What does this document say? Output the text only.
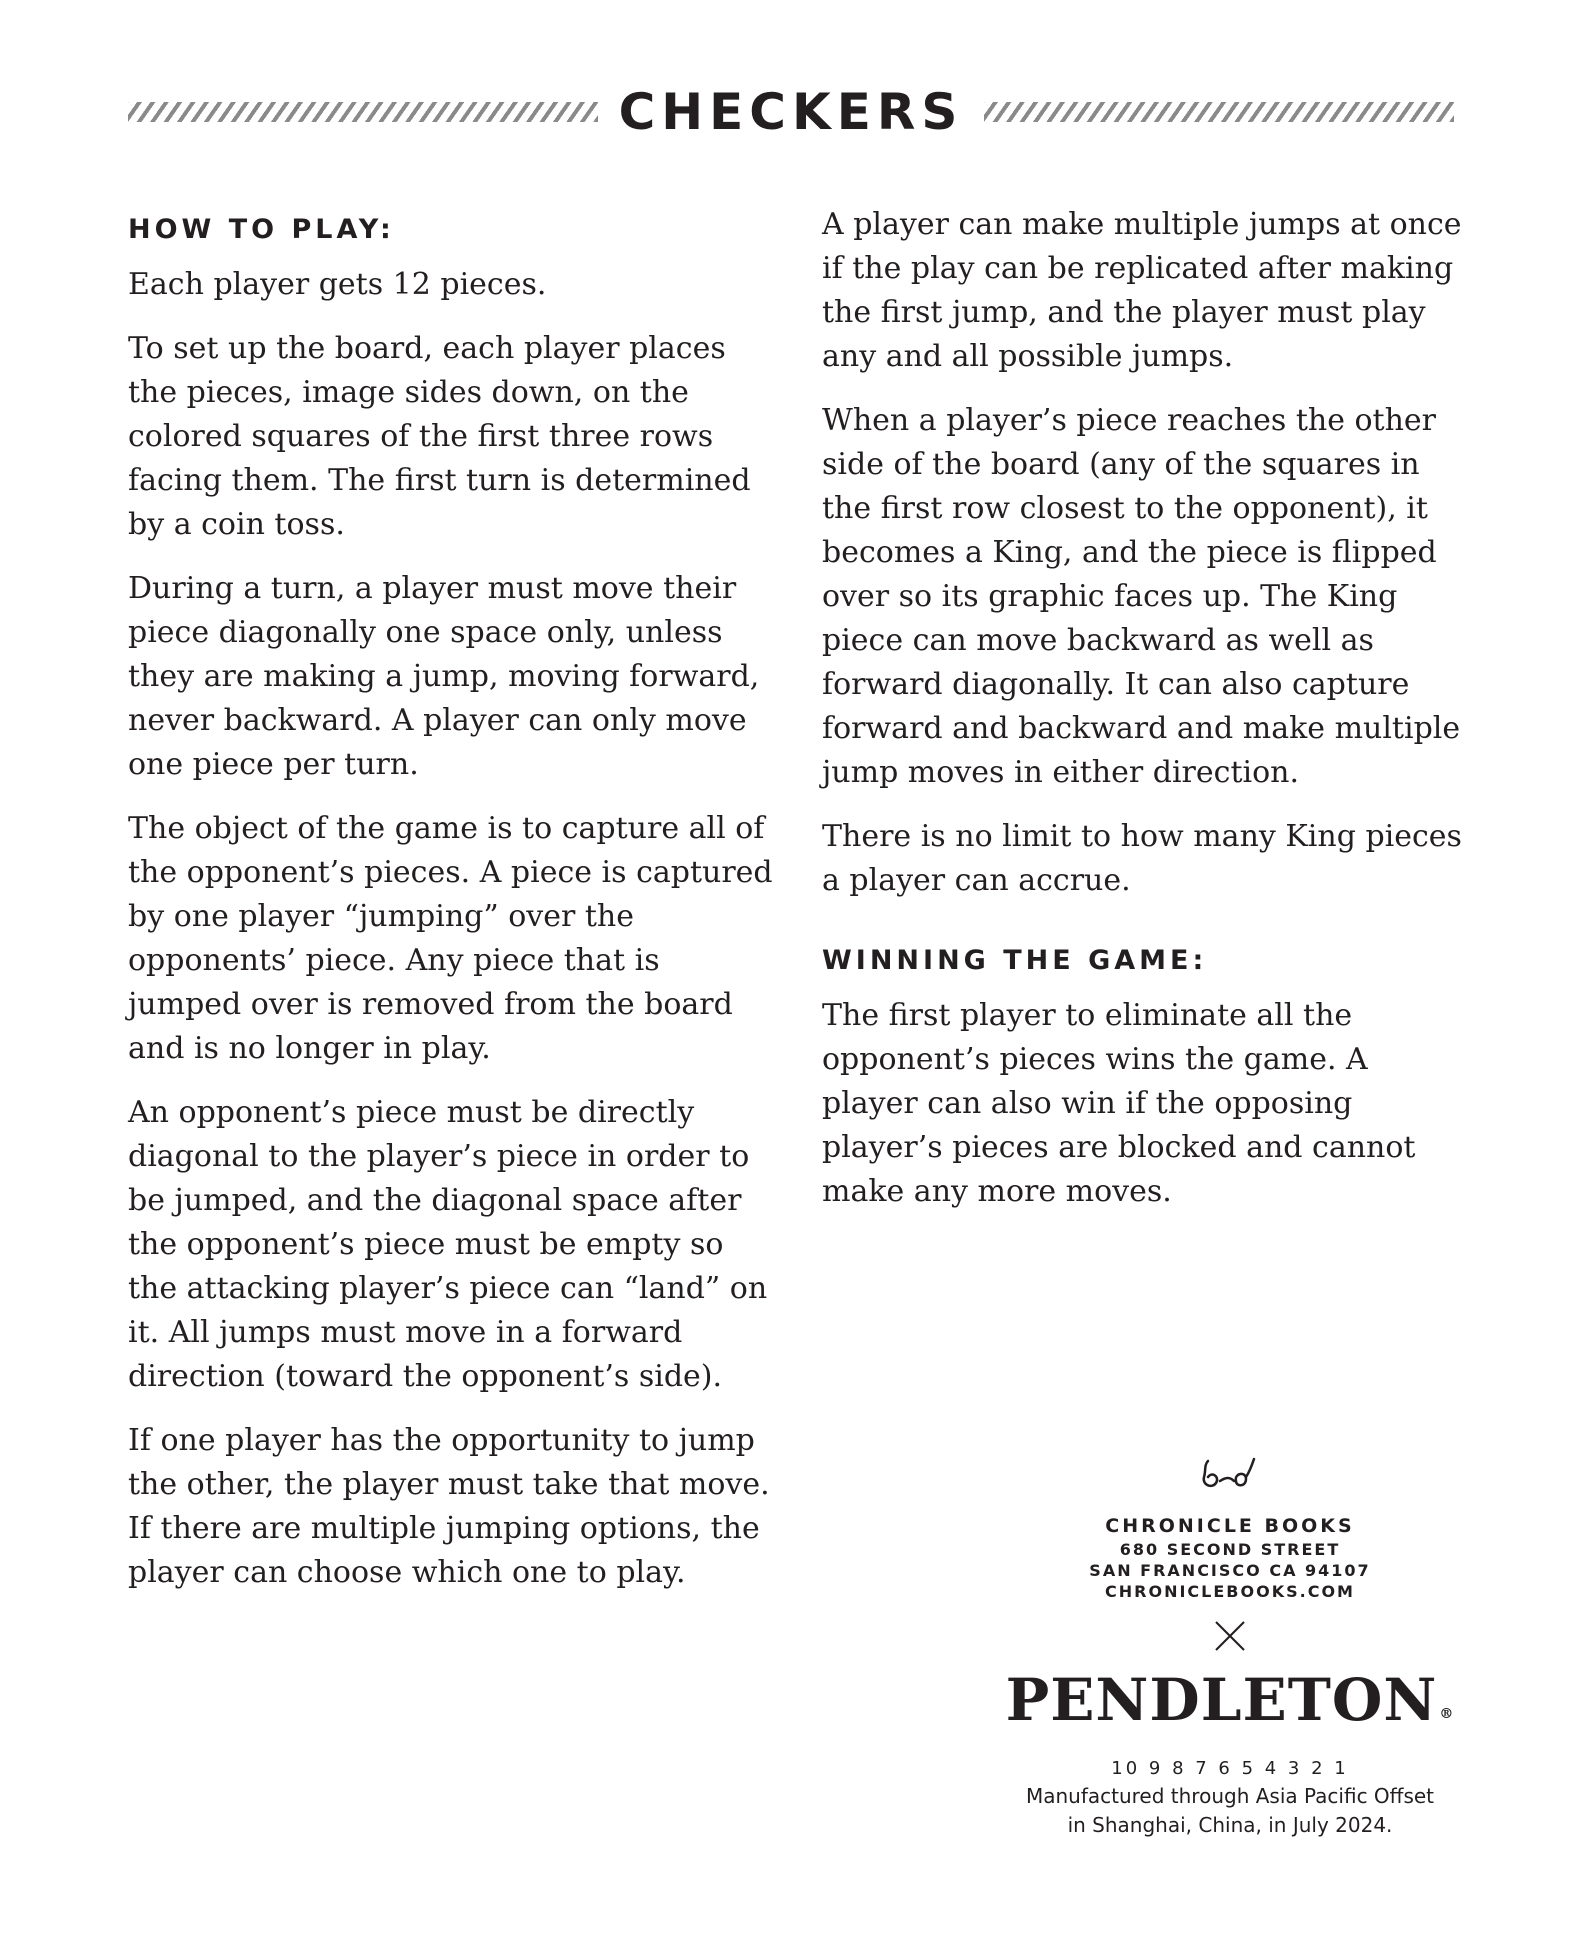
CHECKERS
HOW TO PLAY:

Each player gets 12 pieces.

To set up the board, each player places the pieces, image sides down, on the colored squares of the first three rows facing them. The first turn is determined by a coin toss.

During a turn, a player must move their piece diagonally one space only, unless they are making a jump, moving forward, never backward. A player can only move one piece per turn.

The object of the game is to capture all of the opponent’s pieces. A piece is captured by one player “jumping” over the opponents’ piece. Any piece that is jumped over is removed from the board and is no longer in play.

An opponent’s piece must be directly diagonal to the player’s piece in order to be jumped, and the diagonal space after the opponent’s piece must be empty so the attacking player’s piece can “land” on it. All jumps must move in a forward direction (toward the opponent’s side).

If one player has the opportunity to jump the other, the player must take that move. If there are multiple jumping options, the player can choose which one to play.

A player can make multiple jumps at once if the play can be replicated after making the first jump, and the player must play any and all possible jumps.

When a player’s piece reaches the other side of the board (any of the squares in the first row closest to the opponent), it becomes a King, and the piece is flipped over so its graphic faces up. The King piece can move backward as well as forward diagonally. It can also capture forward and backward and make multiple jump moves in either direction.

There is no limit to how many King pieces a player can accrue.

WINNING THE GAME:

The first player to eliminate all the opponent’s pieces wins the game. A player can also win if the opposing player’s pieces are blocked and cannot make any more moves.

CHRONICLE BOOKS
680 SECOND STREET
SAN FRANCISCO CA 94107
CHRONICLEBOOKS.COM
PENDLETON ®
10 9 8 7 6 5 4 3 2 1
Manufactured through Asia Pacific Offset
in Shanghai, China, in July 2024.
